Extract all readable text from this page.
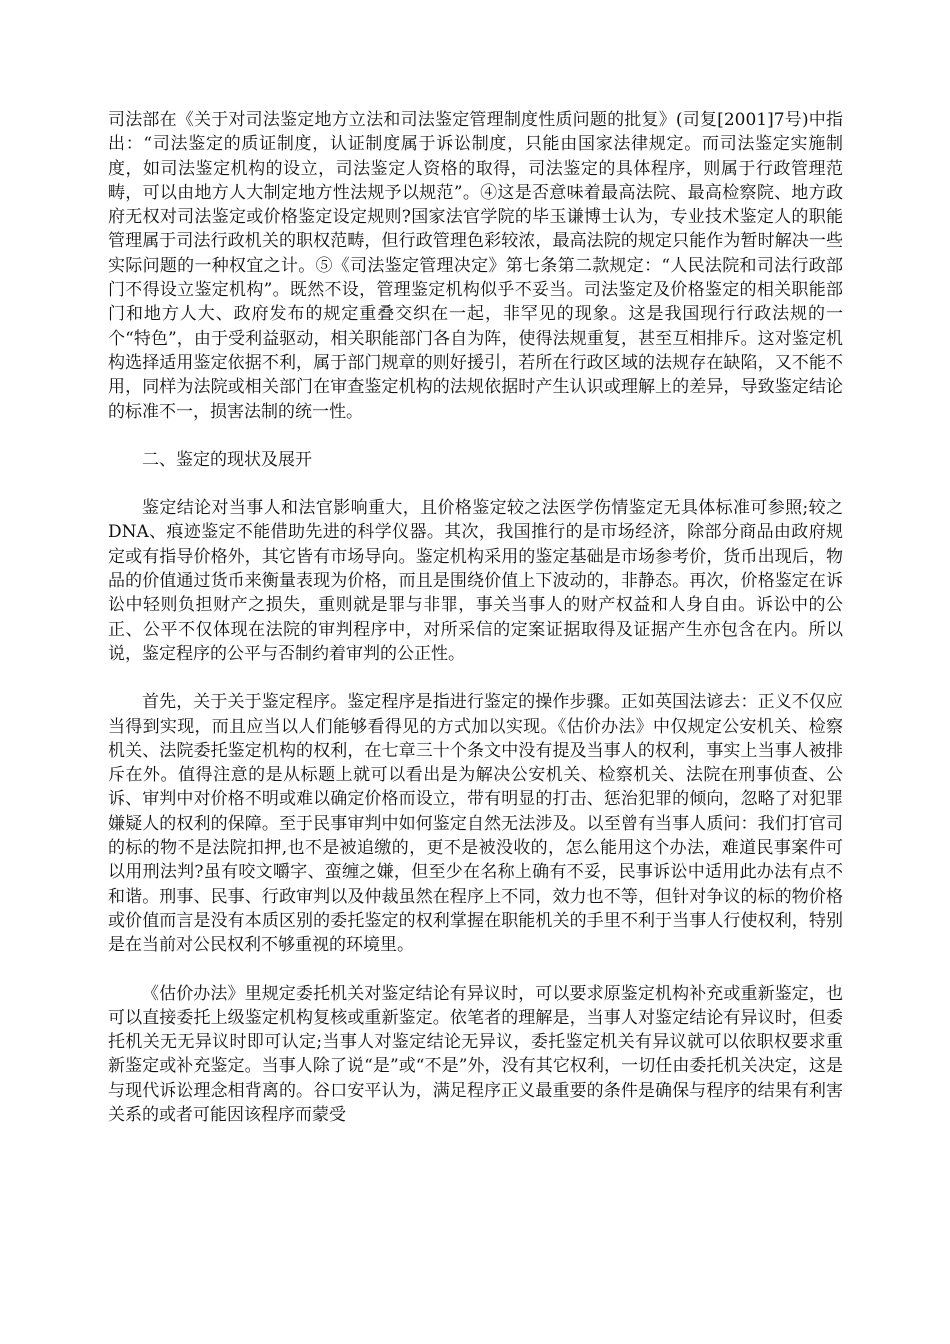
司法部在《关于对司法鉴定地方立法和司法鉴定管理制度性质问题的批复》(司复[2001]7号)中指出：“司法鉴定的质证制度，认证制度属于诉讼制度，只能由国家法律规定。而司法鉴定实施制度，如司法鉴定机构的设立，司法鉴定人资格的取得，司法鉴定的具体程序，则属于行政管理范畴，可以由地方人大制定地方性法规予以规范”。④这是否意味着最高法院、最高检察院、地方政府无权对司法鉴定或价格鉴定设定规则?国家法官学院的毕玉谦博士认为，专业技术鉴定人的职能管理属于司法行政机关的职权范畴，但行政管理色彩较浓，最高法院的规定只能作为暂时解决一些实际问题的一种权宜之计。⑤《司法鉴定管理决定》第七条第二款规定：“人民法院和司法行政部门不得设立鉴定机构”。既然不设，管理鉴定机构似乎不妥当。司法鉴定及价格鉴定的相关职能部门和地方人大、政府发布的规定重叠交织在一起，非罕见的现象。这是我国现行行政法规的一个“特色”，由于受利益驱动，相关职能部门各自为阵，使得法规重复，甚至互相排斥。这对鉴定机构选择适用鉴定依据不利，属于部门规章的则好援引，若所在行政区域的法规存在缺陷，又不能不用，同样为法院或相关部门在审查鉴定机构的法规依据时产生认识或理解上的差异，导致鉴定结论的标准不一，损害法制的统一性。

二、鉴定的现状及展开

鉴定结论对当事人和法官影响重大，且价格鉴定较之法医学伤情鉴定无具体标准可参照;较之DNA、痕迹鉴定不能借助先进的科学仪器。其次，我国推行的是市场经济，除部分商品由政府规定或有指导价格外，其它皆有市场导向。鉴定机构采用的鉴定基础是市场参考价，货币出现后，物品的价值通过货币来衡量表现为价格，而且是围绕价值上下波动的，非静态。再次，价格鉴定在诉讼中轻则负担财产之损失，重则就是罪与非罪，事关当事人的财产权益和人身自由。诉讼中的公正、公平不仅体现在法院的审判程序中，对所采信的定案证据取得及证据产生亦包含在内。所以说，鉴定程序的公平与否制约着审判的公正性。

首先，关于关于鉴定程序。鉴定程序是指进行鉴定的操作步骤。正如英国法谚去：正义不仅应当得到实现，而且应当以人们能够看得见的方式加以实现。《估价办法》中仅规定公安机关、检察机关、法院委托鉴定机构的权利，在七章三十个条文中没有提及当事人的权利，事实上当事人被排斥在外。值得注意的是从标题上就可以看出是为解决公安机关、检察机关、法院在刑事侦查、公诉、审判中对价格不明或难以确定价格而设立，带有明显的打击、惩治犯罪的倾向，忽略了对犯罪嫌疑人的权利的保障。至于民事审判中如何鉴定自然无法涉及。以至曾有当事人质问：我们打官司的标的物不是法院扣押,也不是被追缴的，更不是被没收的，怎么能用这个办法，难道民事案件可以用刑法判?虽有咬文嚼字、蛮缠之嫌，但至少在名称上确有不妥，民事诉讼中适用此办法有点不和谐。刑事、民事、行政审判以及仲裁虽然在程序上不同，效力也不等，但针对争议的标的物价格或价值而言是没有本质区别的委托鉴定的权利掌握在职能机关的手里不利于当事人行使权利，特别是在当前对公民权利不够重视的环境里。

《估价办法》里规定委托机关对鉴定结论有异议时，可以要求原鉴定机构补充或重新鉴定，也可以直接委托上级鉴定机构复核或重新鉴定。依笔者的理解是，当事人对鉴定结论有异议时，但委托机关无无异议时即可认定;当事人对鉴定结论无异议，委托鉴定机关有异议就可以依职权要求重新鉴定或补充鉴定。当事人除了说“是”或“不是”外，没有其它权利，一切任由委托机关决定，这是与现代诉讼理念相背离的。谷口安平认为，满足程序正义最重要的条件是确保与程序的结果有利害关系的或者可能因该程序而蒙受
